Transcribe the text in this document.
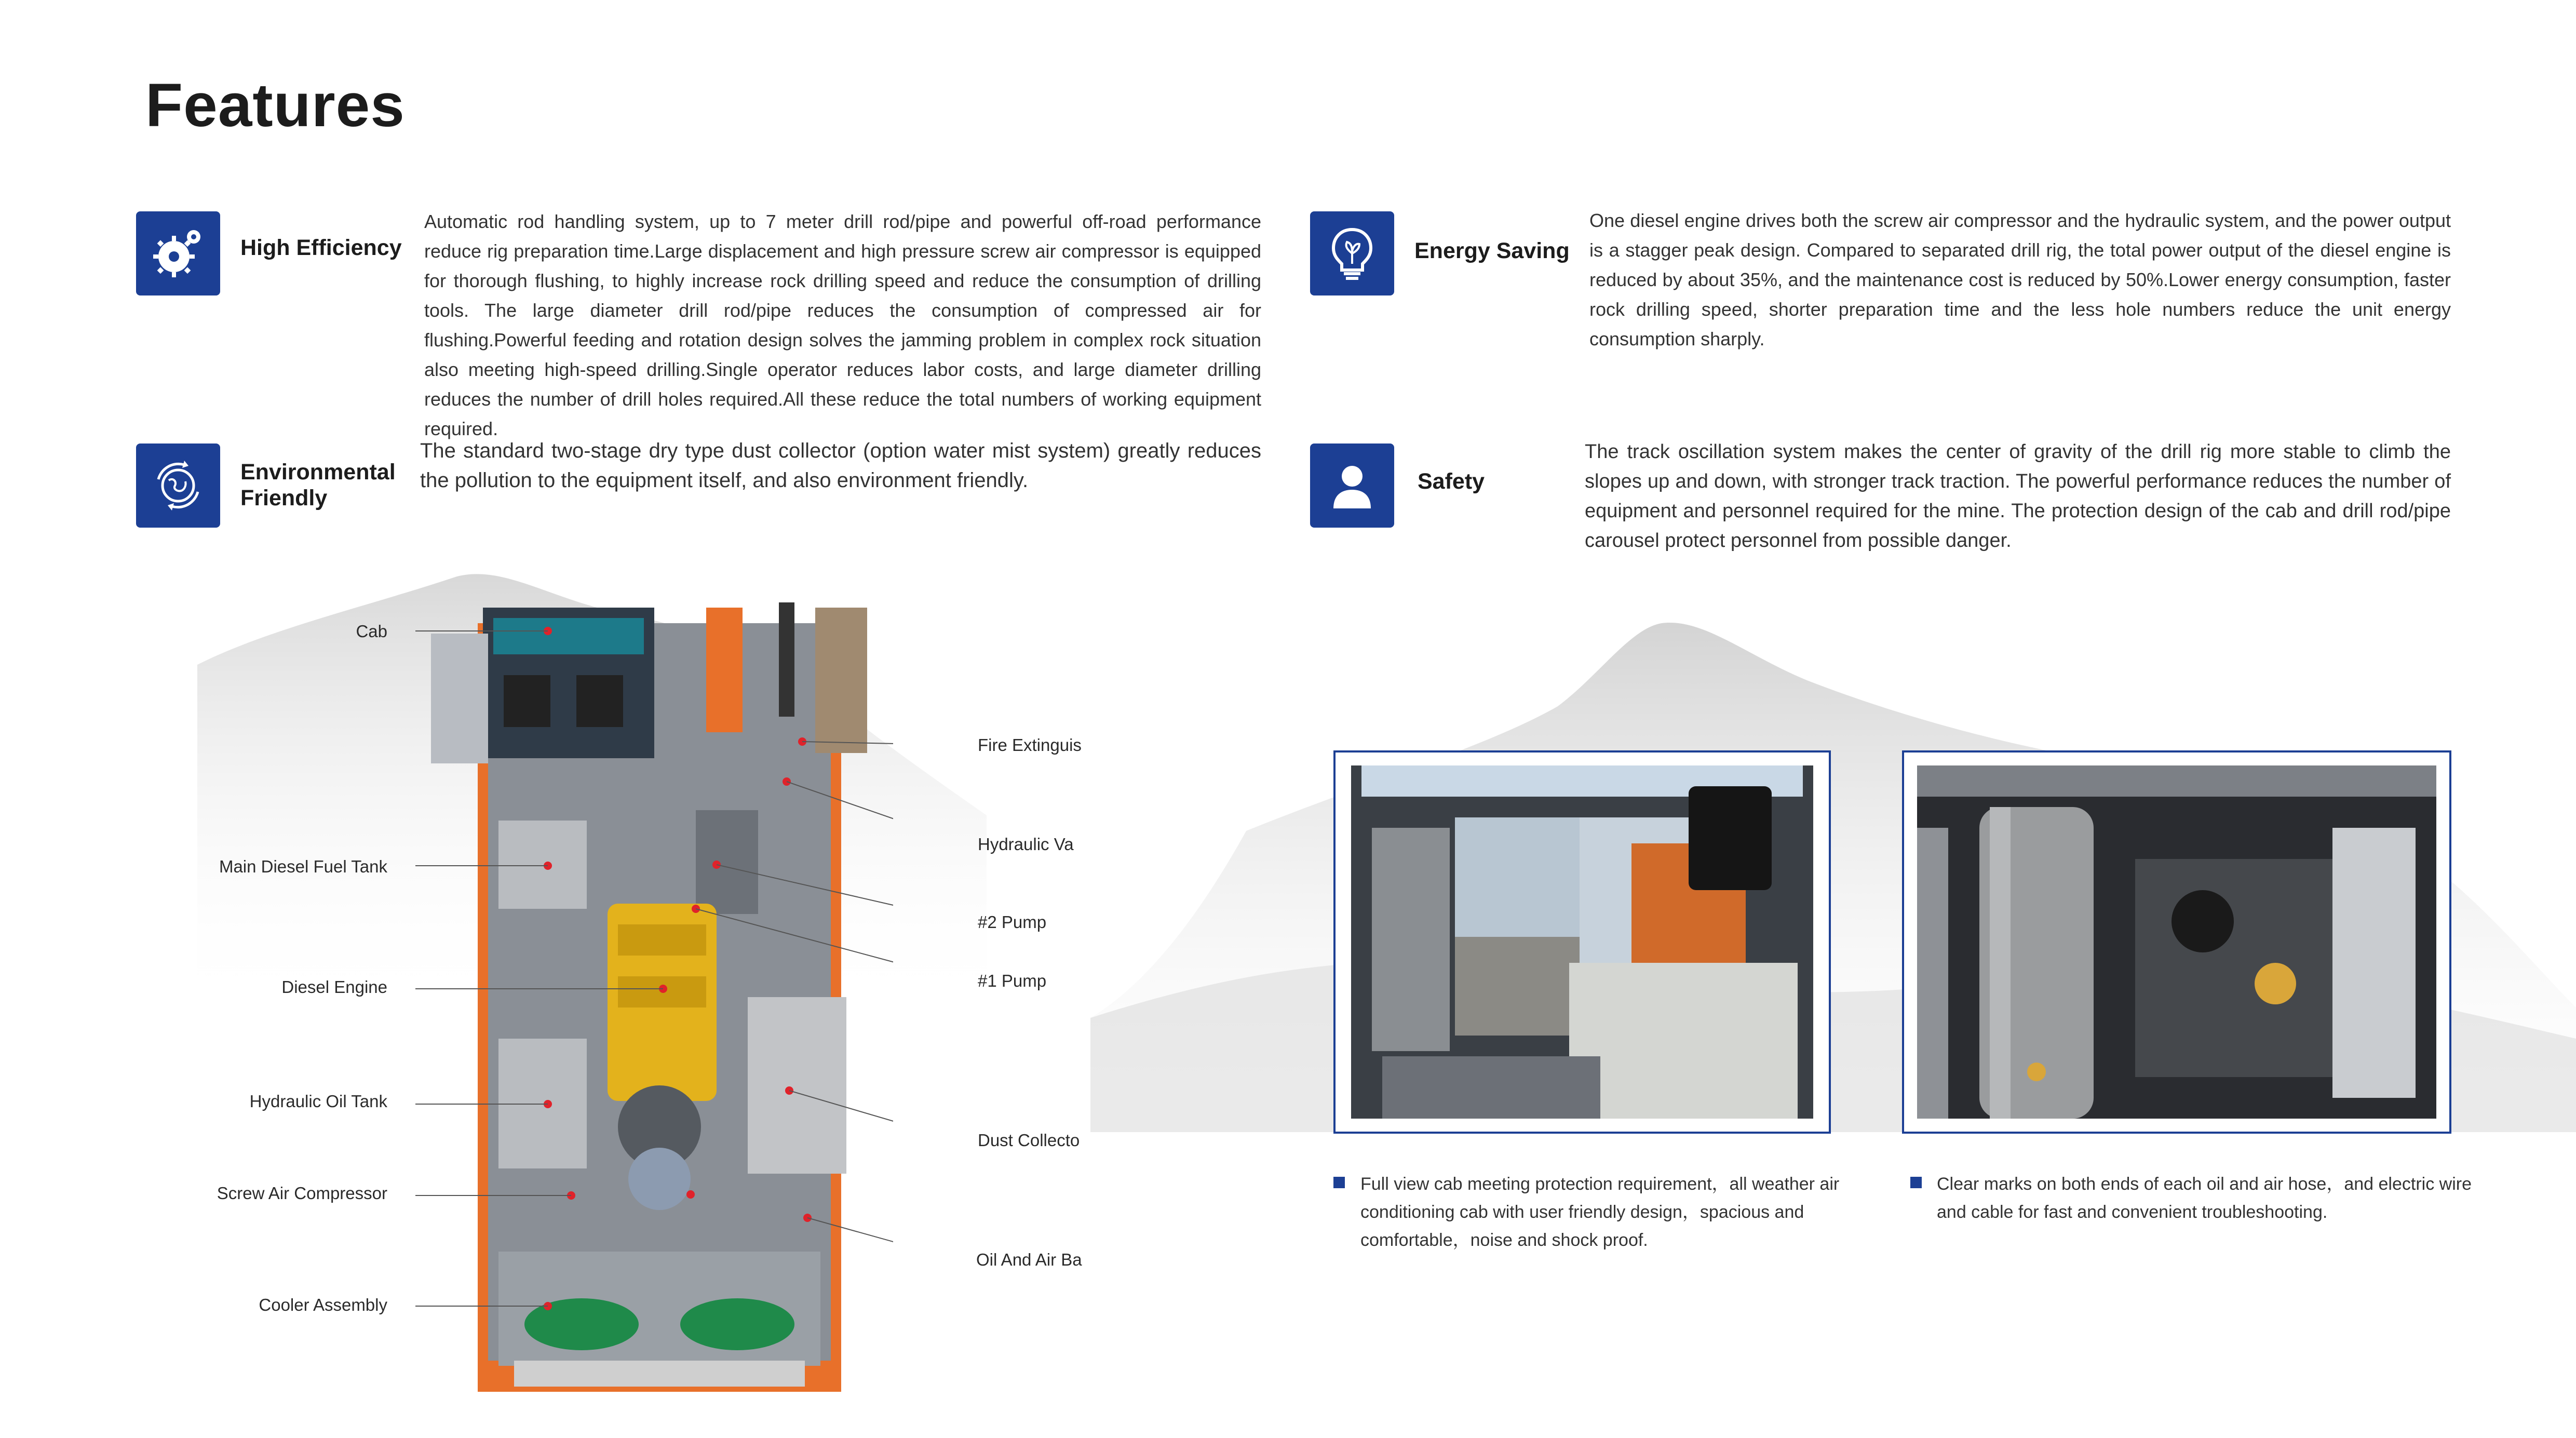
Features
High Efficiency
Automatic rod handling system, up to 7 meter drill rod/pipe and powerful off-road performance reduce rig preparation time.Large displacement and high pressure screw air compressor is equipped for thorough flushing, to highly increase rock drilling speed and reduce the consumption of drilling tools. The large diameter drill rod/pipe reduces the consumption of compressed air for flushing.Powerful feeding and rotation design solves the jamming problem in complex rock situation also meeting high-speed drilling.Single operator reduces labor costs, and large diameter drilling reduces the number of drill holes required.All these reduce the total numbers of working equipment required.
Energy Saving
One diesel engine drives both the screw air compressor and the hydraulic system, and the power output is a stagger peak design. Compared to separated drill rig, the total power output of the diesel engine is reduced by about 35%, and the maintenance cost is reduced by 50%.Lower energy consumption, faster rock drilling speed, shorter preparation time and the less hole numbers reduce the unit energy consumption sharply.
Environmental
Friendly
The standard two-stage dry type dust collector (option water mist system) greatly reduces the pollution to the equipment itself, and also environment friendly.	Safety
The track oscillation system makes the center of gravity of the drill rig more stable to climb the slopes up and down, with stronger track traction. The powerful performance reduces the number of equipment and personnel required for the mine. The protection design of the cab and drill rod/pipe carousel protect personnel from possible danger.
Cab
Main Diesel Fuel Tank
Diesel Engine
Hydraulic Oil Tank
Screw Air Compressor
Cooler Assembly
Fire Extinguis
Hydraulic Va
#2 Pump
#1 Pump
Dust Collecto
Oil And Air Ba
Full view cab meeting protection requirement，all weather air conditioning cab with user friendly design，spacious and comfortable，noise and shock proof.
Clear marks on both ends of each oil and air hose，and electric wire and cable for fast and convenient troubleshooting.
